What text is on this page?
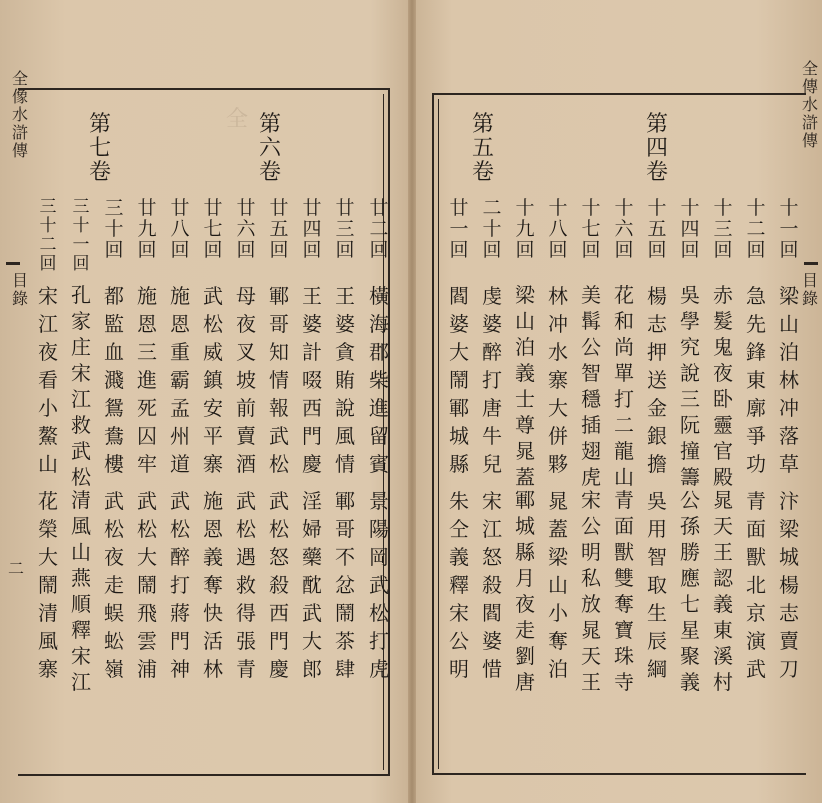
全像水滸傳
目錄
二
全 第六卷
第七卷
廿二回
橫海郡柴進留賓
景陽岡武松打虎
廿三回
王婆貪賄說風情
鄆哥不忿鬧茶肆
廿四回
王婆計啜西門慶
淫婦藥酖武大郎
廿五回
鄆哥知情報武松
武松怒殺西門慶
廿六回
母夜叉坡前賣酒
武松遇救得張青
廿七回
武松威鎮安平寨
施恩義奪快活林
廿八回
施恩重霸孟州道
武松醉打蔣門神
廿九回
施恩三進死囚牢
武松大鬧飛雲浦
三十回
都監血濺鴛鴦樓
武松夜走蜈蚣嶺
三十一回
孔家庄宋江救武松
清風山燕順釋宋江
三十二回
宋江夜看小鰲山
花榮大鬧清風寨
全傳水滸傳
目錄
第四卷
第五卷
十一回
梁山泊林冲落草
汴梁城楊志賣刀
十二回
急先鋒東廓爭功
青面獸北京演武
十三回
赤髮鬼夜卧靈官殿
晁天王認義東溪村
十四回
吳學究說三阮撞籌
公孫勝應七星聚義
十五回
楊志押送金銀擔
吳用智取生辰綱
十六回
花和尚單打二龍山
青面獸雙奪寶珠寺
十七回
美髯公智穩插翅虎
宋公明私放晁天王
十八回
林冲水寨大併夥
晁蓋梁山小奪泊
十九回
梁山泊義士尊晁蓋
鄆城縣月夜走劉唐
二十回
虔婆醉打唐牛兒
宋江怒殺閻婆惜
廿一回
閻婆大鬧鄆城縣
朱仝義釋宋公明
